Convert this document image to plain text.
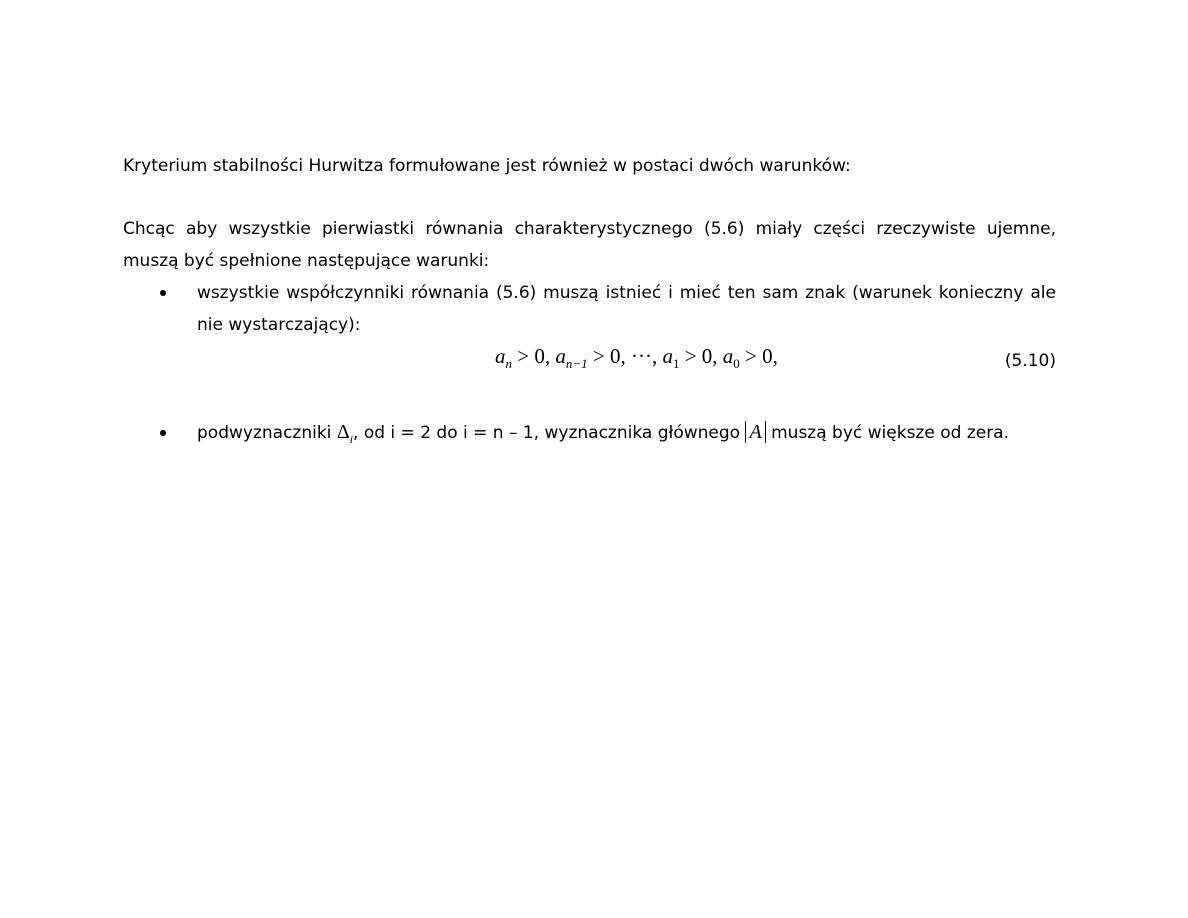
Kryterium stabilności Hurwitza formułowane jest również w postaci dwóch warunków:

Chcąc aby wszystkie pierwiastki równania charakterystycznego (5.6) miały części rzeczywiste ujemne, muszą być spełnione następujące warunki:

wszystkie współczynniki równania (5.6) muszą istnieć i mieć ten sam znak (warunek konieczny ale nie wystarczający):
$a_n > 0$, $a_{n-1} > 0$, ···, $a_1 > 0$, $a_0 > 0$,	(5.10)
podwyznaczniki $\Delta_i$, od i = 2 do i = n – 1, wyznacznika głównego A muszą być większe od zera.
